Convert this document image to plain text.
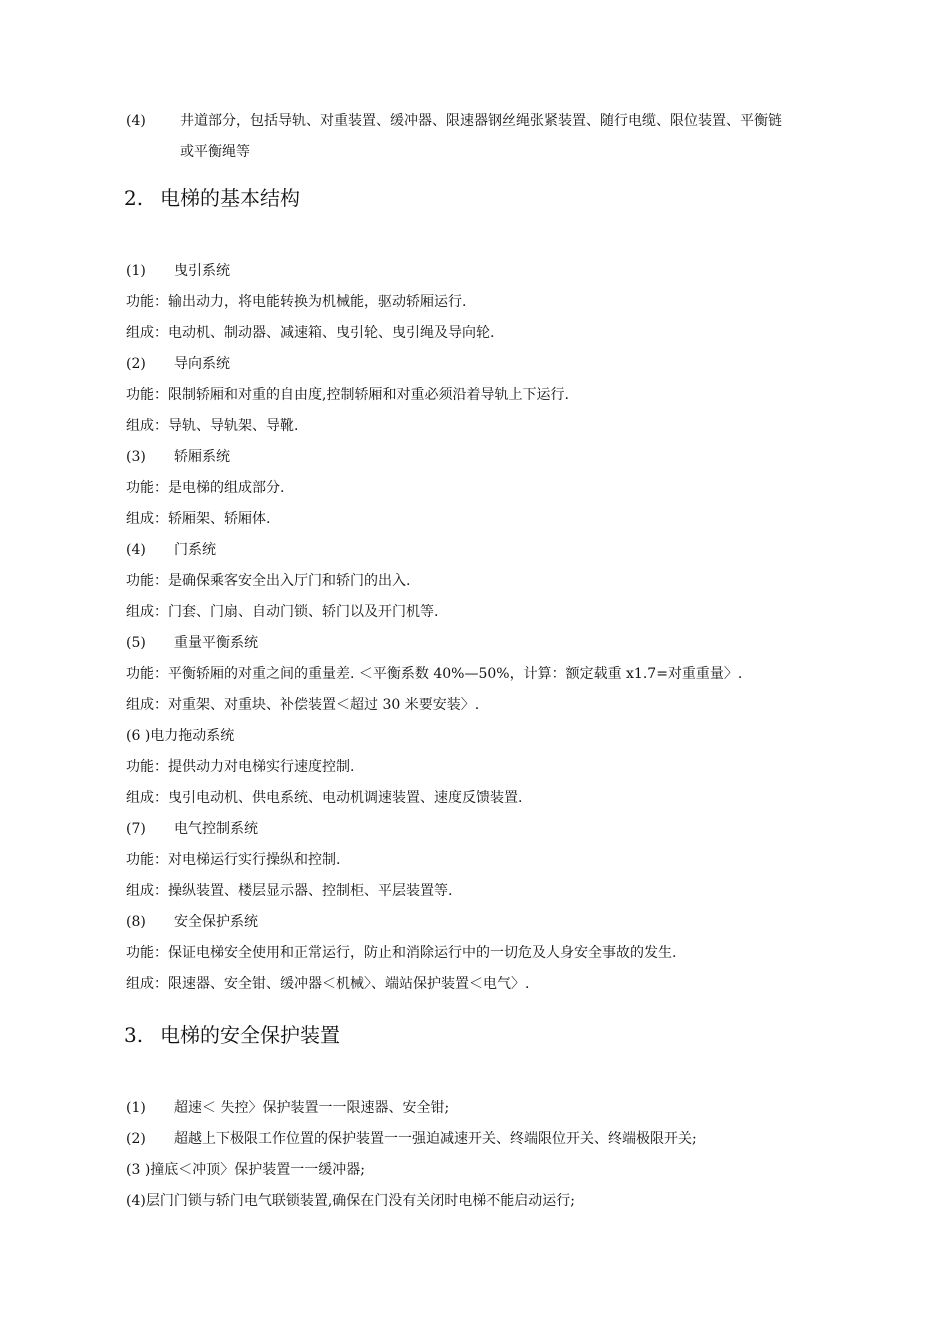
(4) 井道部分，包括导轨、对重装置、缓冲器、限速器钢丝绳张紧装置、随行电缆、限位装置、平衡链
或平衡绳等
2. 电梯的基本结构
(1) 曳引系统
功能：输出动力，将电能转换为机械能，驱动轿厢运行.
组成：电动机、制动器、减速箱、曳引轮、曳引绳及导向轮.
(2) 导向系统
功能：限制轿厢和对重的自由度,控制轿厢和对重必须沿着导轨上下运行.
组成：导轨、导轨架、导靴.
(3) 轿厢系统
功能：是电梯的组成部分.
组成：轿厢架、轿厢体.
(4) 门系统
功能：是确保乘客安全出入厅门和轿门的出入.
组成：门套、门扇、自动门锁、轿门以及开门机等.
(5) 重量平衡系统
功能：平衡轿厢的对重之间的重量差. ＜平衡系数 40%—50%，计算：额定载重 x1.7=对重重量〉.
组成：对重架、对重块、补偿装置＜超过 30 米要安装〉.
(6 )电力拖动系统
功能：提供动力对电梯实行速度控制.
组成：曳引电动机、供电系统、电动机调速装置、速度反馈装置.
(7) 电气控制系统
功能：对电梯运行实行操纵和控制.
组成：操纵装置、楼层显示器、控制柜、平层装置等.
(8) 安全保护系统
功能：保证电梯安全使用和正常运行，防止和消除运行中的一切危及人身安全事故的发生.
组成：限速器、安全钳、缓冲器＜机械〉、端站保护装置＜电气〉.
3. 电梯的安全保护装置
(1) 超速＜ 失控〉保护装置一一限速器、安全钳;
(2) 超越上下极限工作位置的保护装置一一强迫减速开关、终端限位开关、终端极限开关;
(3 )撞底＜冲顶〉保护装置一一缓冲器;
(4)层门门锁与轿门电气联锁装置,确保在门没有关闭时电梯不能启动运行;
